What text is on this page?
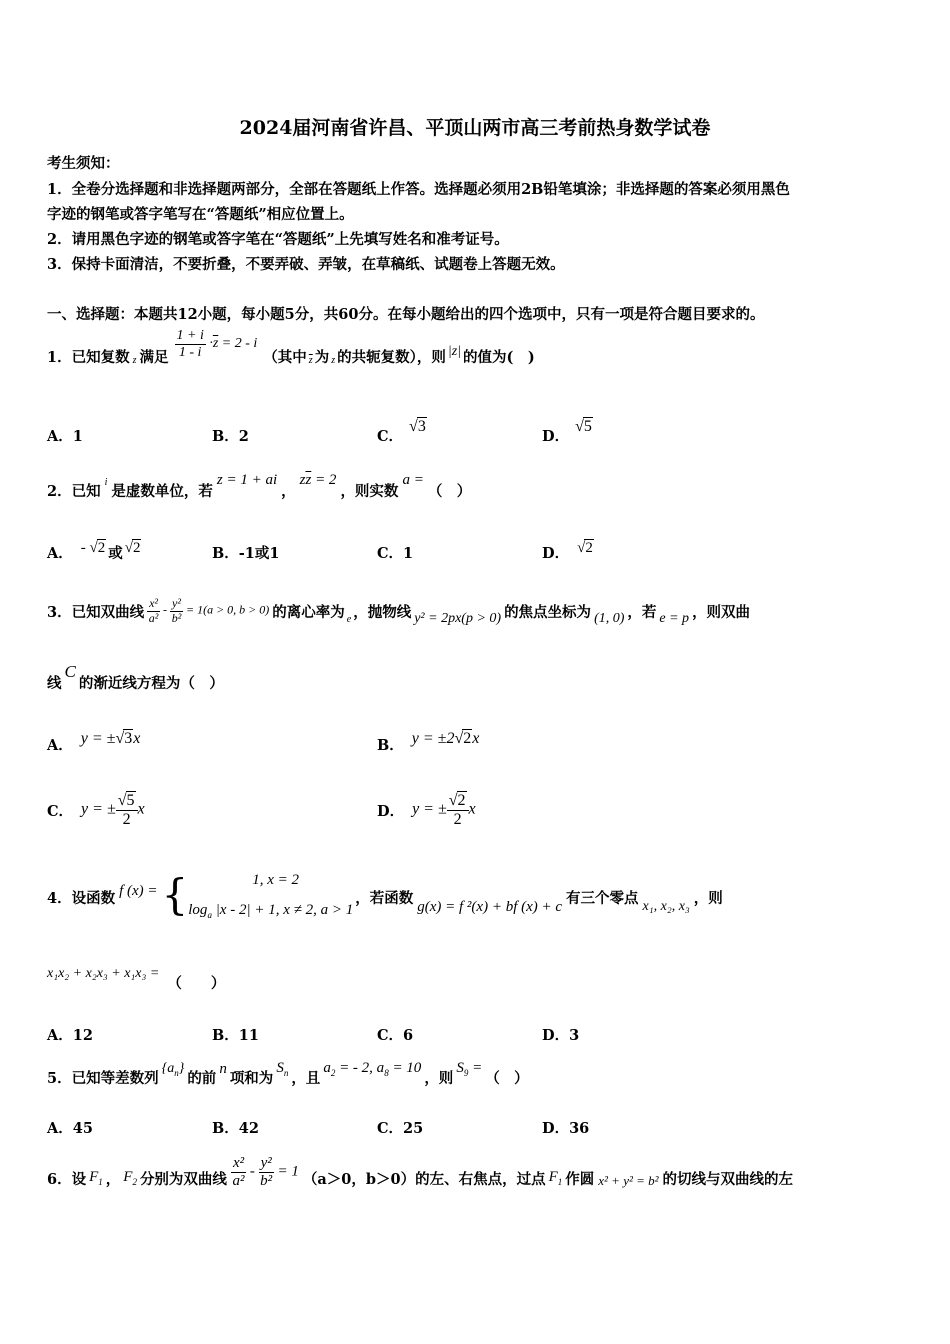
2024届河南省许昌、平顶山两市高三考前热身数学试卷
考生须知：
1．全卷分选择题和非选择题两部分，全部在答题纸上作答。选择题必须用2B铅笔填涂；非选择题的答案必须用黑色
字迹的钢笔或答字笔写在“答题纸”相应位置上。
2．请用黑色字迹的钢笔或答字笔在“答题纸”上先填写姓名和准考证号。
3．保持卡面清洁，不要折叠，不要弄破、弄皱，在草稿纸、试题卷上答题无效。
一、选择题：本题共12小题，每小题5分，共60分。在每小题给出的四个选项中，只有一项是符合题目要求的。
1．已知复数 z 满足 $\frac{1 + i}{1 - i} \cdot\overline{z} = 2 - i$
（其中 $\overline{z}$ 为 z 的共轭复数），则 |z| 的值为(　)
A．1	B．2	C．√3
D．√5
2．已知
i
是虚数单位，若
z = 1 + ai
，
$z\overline{z} = 2$
，则实数
a =
（　）
A． - √2 或 √2	B．-1或1	C．1	D． √2
3．已知双曲线 $\frac{\text{x²}}{\text{a²}} - \frac{\text{y²}}{\text{b²}} = 1(a > 0$, b > 0) 的离心率为 e ，抛物线 y² = 2px(p > 0) 的焦点坐标为 (1, 0) ，若 e = p ，则双曲
线
C
的渐近线方程为（　）
A． y = ±√3x	B． y = ±2√2x
C． y = ± $\frac{√5}{2}$ x	D． y = ± $\frac{√2}{2}$ x
4．设函数 f (x) = {	1, x = 2
$\log_a |x - 2| + 1$, x ≠ 2, a > 1
，若函数 g(x) = f ²(x) + bf (x) + c 有三个零点 x₁, x₂, x₃ ，则
x₁x₂ + x₂x₃ + x₁x₃ =
（　　）
A．12	B．11	C．6	D．3
5．已知等差数列
$\{a_n\}$
的前
n
项和为
$S_n$ ，且
$a_2$ = - 2, $a_8 = 10$
，则
$S_9$ =
（　）
A．45	B．42	C．25	D．36
6．设 $F_1$ ， $F_2$ 分别为双曲线 $\frac{\text{x²}}{\text{a²}} - \frac{\text{y²}}{\text{b²}} = 1$ （a＞0，b＞0）的左、右焦点，过点 $F_1$ 作圆 x² + y² = b² 的切线与双曲线的左
